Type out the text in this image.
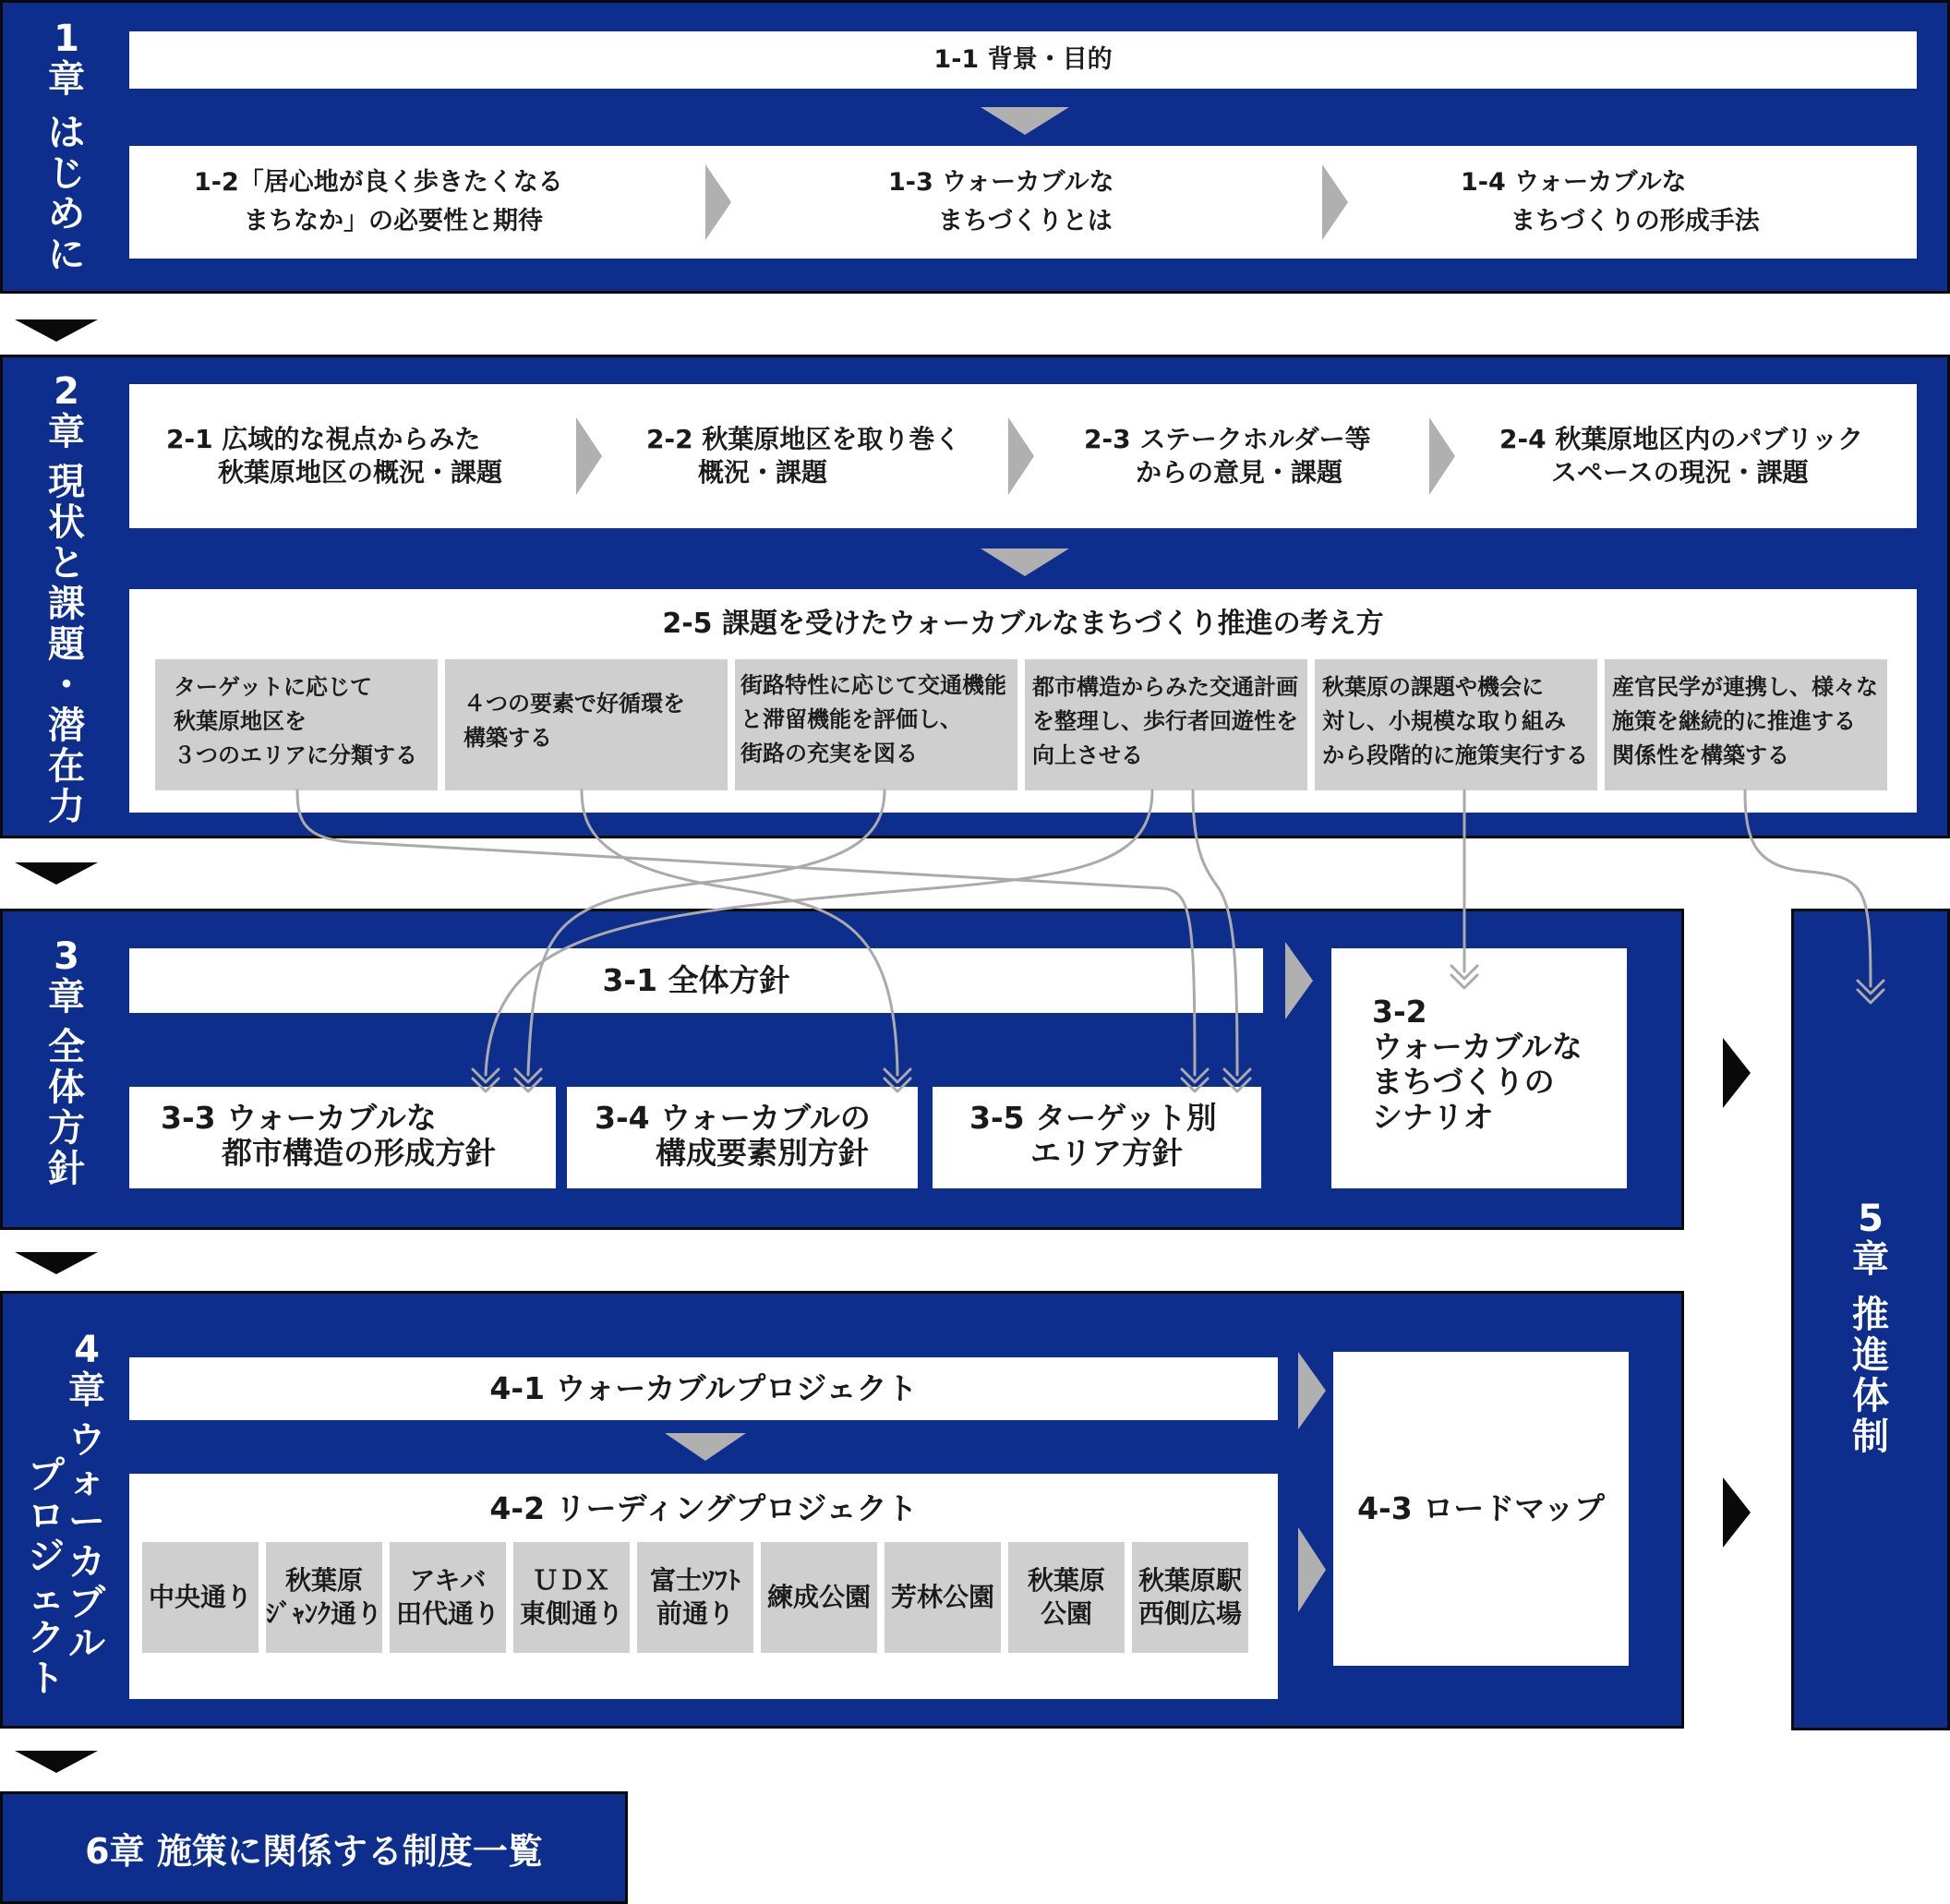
1
章
は
じ
め
に
1-1 背景・目的
1-2「居心地が良く歩きたくなる
　　まちなか」の必要性と期待
1-3 ウォーカブルな
　　まちづくりとは
1-4 ウォーカブルな
　　まちづくりの形成手法
2
章
現
状
と
課
題
・
潜
在
力
2-1 広域的な視点からみた
　　秋葉原地区の概況・課題
2-2 秋葉原地区を取り巻く
　　概況・課題
2-3 ステークホルダー等
　　からの意見・課題
2-4 秋葉原地区内のパブリック
　　スペースの現況・課題
2-5 課題を受けたウォーカブルなまちづくり推進の考え方
ターゲットに応じて
秋葉原地区を
３つのエリアに分類する
４つの要素で好循環を
構築する
街路特性に応じて交通機能
と滞留機能を評価し、
街路の充実を図る
都市構造からみた交通計画
を整理し、歩行者回遊性を
向上させる
秋葉原の課題や機会に
対し、小規模な取り組み
から段階的に施策実行する
産官民学が連携し、様々な
施策を継続的に推進する
関係性を構築する
3
章
全
体
方
針
3-1 全体方針
3-2
ウォーカブルな
まちづくりの
シナリオ
3-3 ウォーカブルな
　　都市構造の形成方針
3-4 ウォーカブルの
　　構成要素別方針
3-5 ターゲット別
　　エリア方針
4
章
ウ
ォ
ー
カ
ブ
ル
プ
ロ
ジ
ェ
ク
ト
4-1 ウォーカブルプロジェクト
4-2 リーディングプロジェクト	4-3 ロードマップ
中央通り
秋葉原
ｼﾞｬﾝｸ通り
アキバ
田代通り
ＵＤＸ
東側通り
富士ｿﾌﾄ
前通り
練成公園 芳林公園
秋葉原
公園
秋葉原駅
西側広場
5
章
推
進
体
制
6章 施策に関係する制度一覧
